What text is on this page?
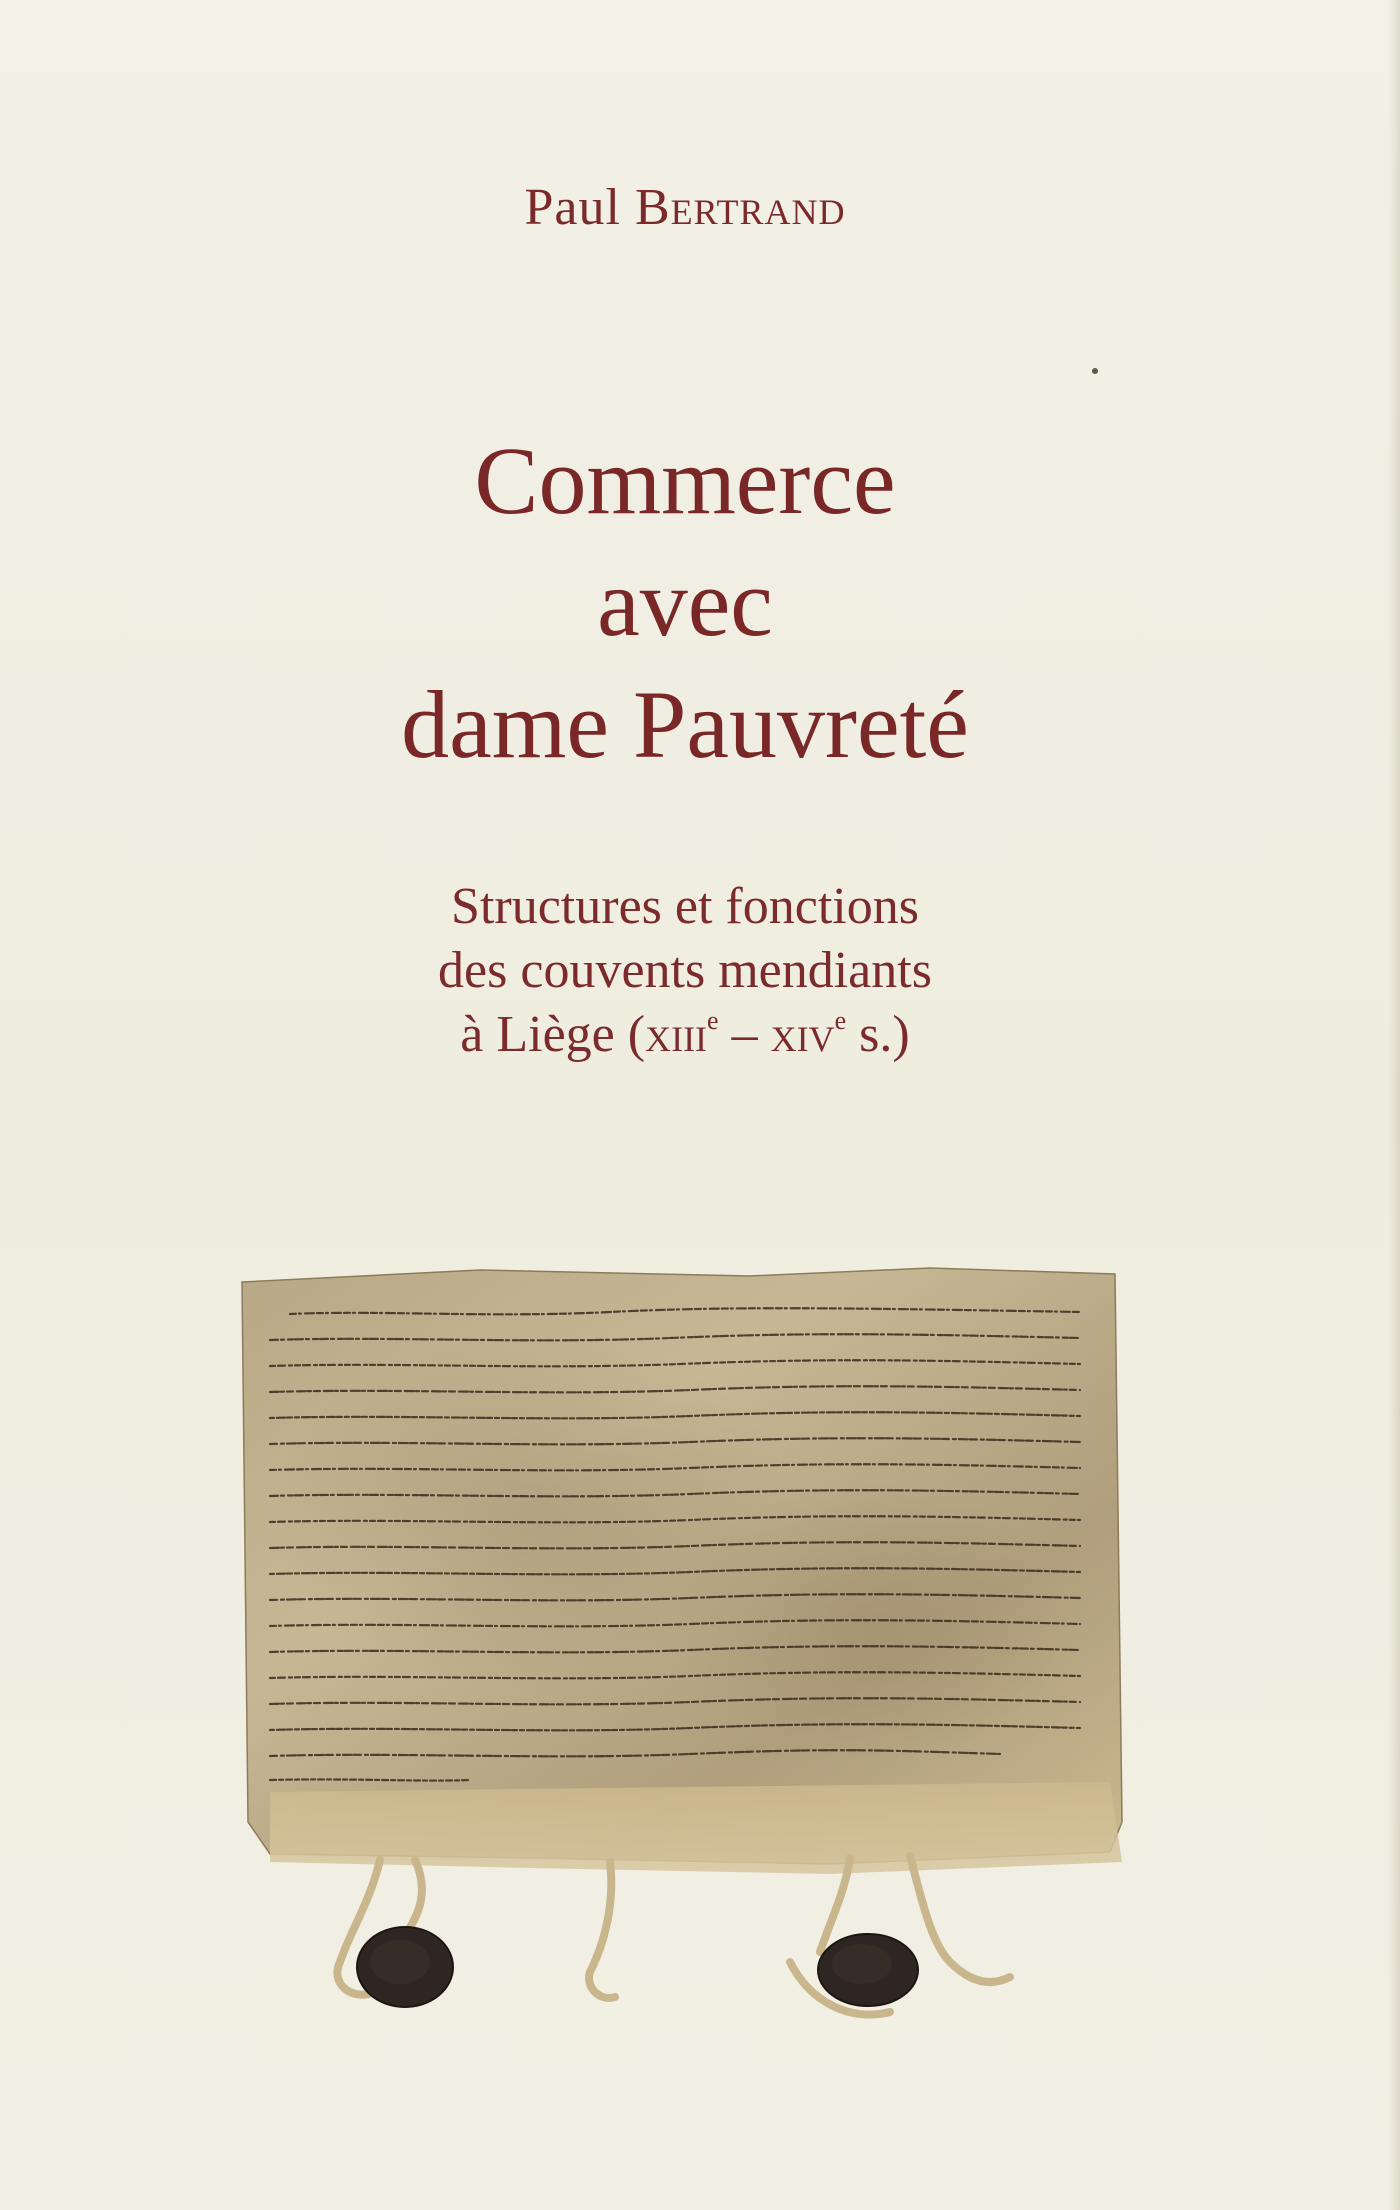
Paul Bertrand
Commerce
avec
dame Pauvreté
Structures et fonctions
des couvents mendiants
à Liège (xiii$^e$ – xiv$^e$ s.)
